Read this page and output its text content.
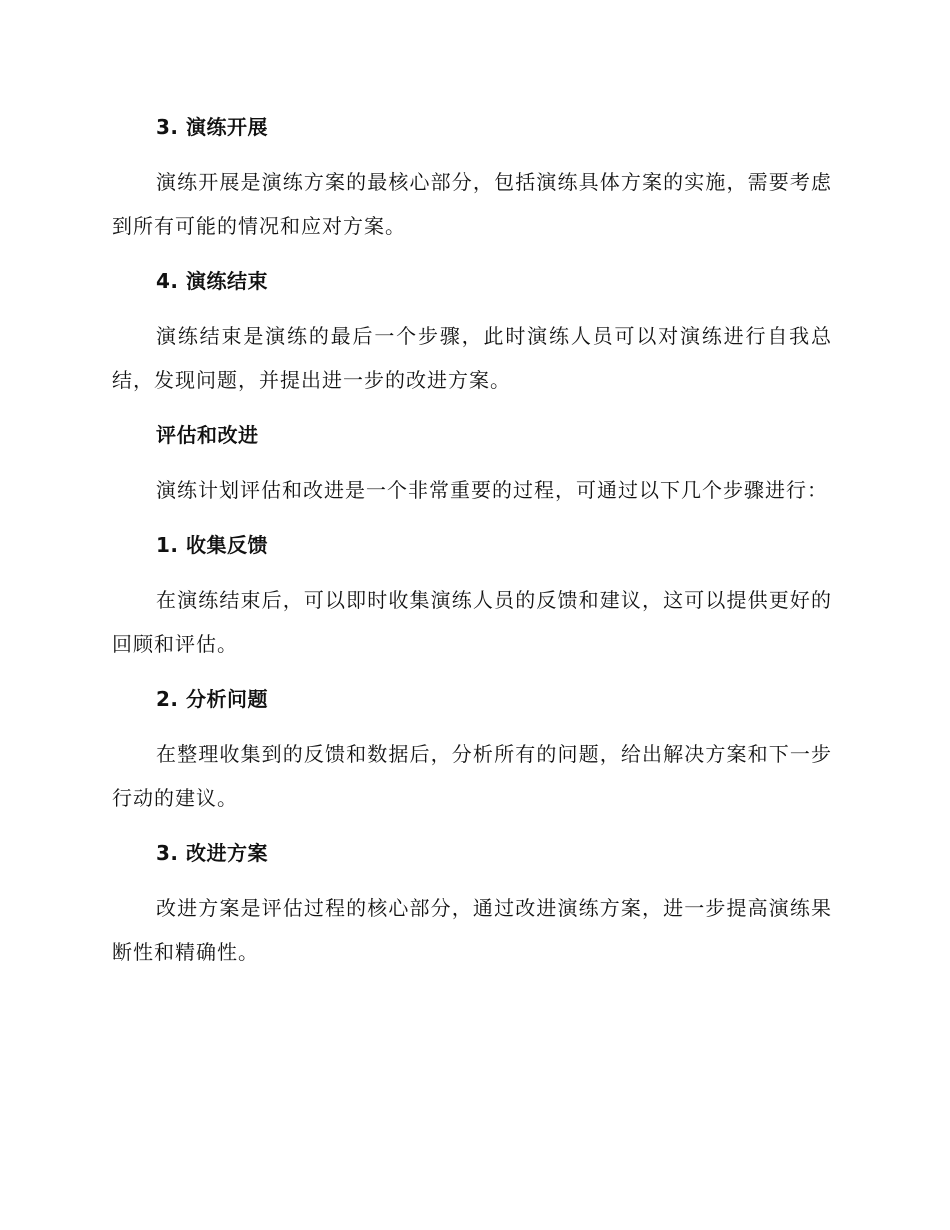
3. 演练开展

演练开展是演练方案的最核心部分，包括演练具体方案的实施，需要考虑到所有可能的情况和应对方案。

4. 演练结束

演练结束是演练的最后一个步骤，此时演练人员可以对演练进行自我总结，发现问题，并提出进一步的改进方案。

评估和改进

演练计划评估和改进是一个非常重要的过程，可通过以下几个步骤进行：

1. 收集反馈

在演练结束后，可以即时收集演练人员的反馈和建议，这可以提供更好的回顾和评估。

2. 分析问题

在整理收集到的反馈和数据后，分析所有的问题，给出解决方案和下一步行动的建议。

3. 改进方案

改进方案是评估过程的核心部分，通过改进演练方案，进一步提高演练果断性和精确性。
